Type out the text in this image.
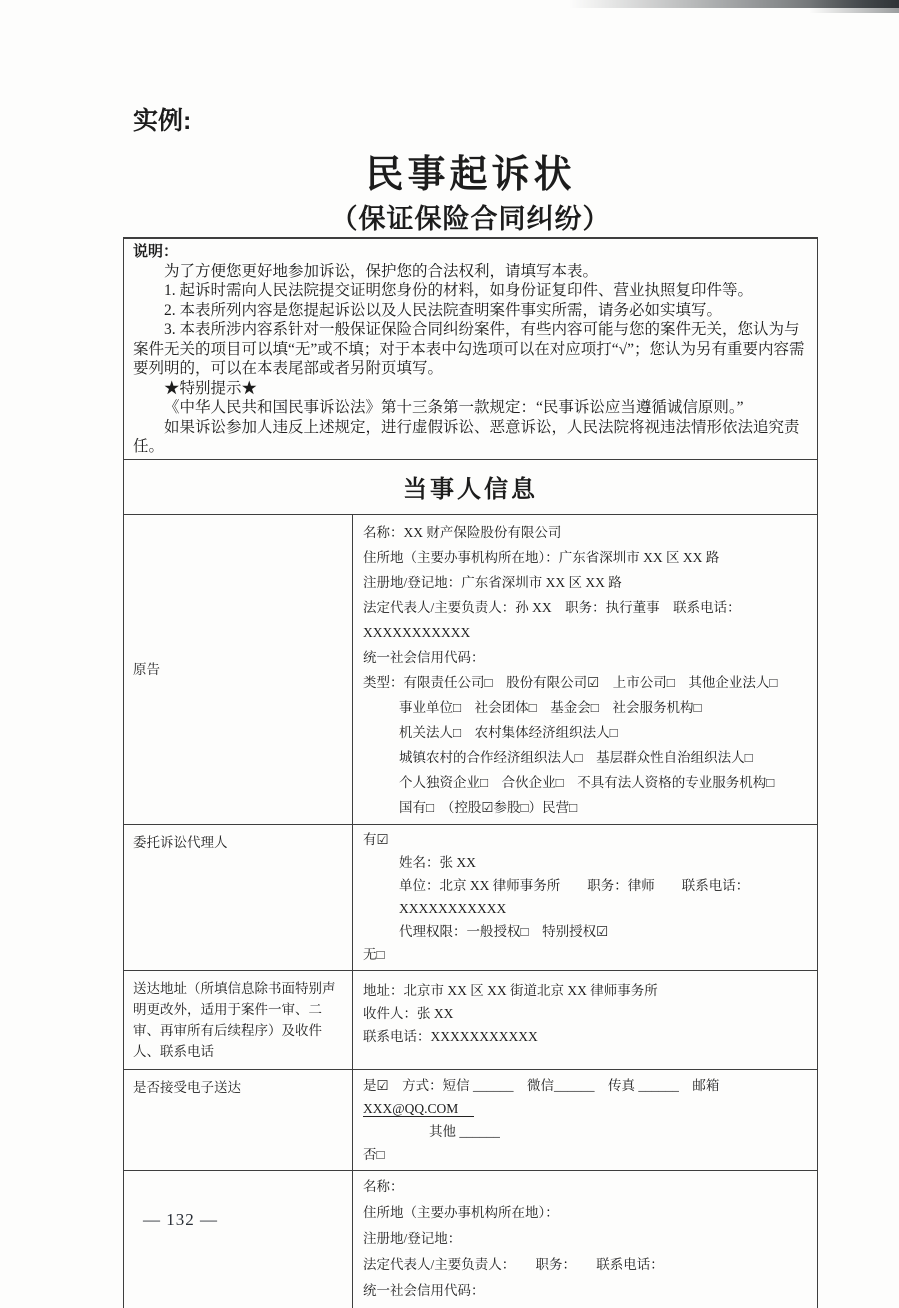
实例:
民事起诉状
（保证保险合同纠纷）
说明：

为了方便您更好地参加诉讼，保护您的合法权利，请填写本表。

1. 起诉时需向人民法院提交证明您身份的材料，如身份证复印件、营业执照复印件等。

2. 本表所列内容是您提起诉讼以及人民法院查明案件事实所需，请务必如实填写。

3. 本表所涉内容系针对一般保证保险合同纠纷案件，有些内容可能与您的案件无关，您认为与案件无关的项目可以填“无”或不填；对于本表中勾选项可以在对应项打“√”；您认为另有重要内容需要列明的，可以在本表尾部或者另附页填写。

★特别提示★

《中华人民共和国民事诉讼法》第十三条第一款规定：“民事诉讼应当遵循诚信原则。”

如果诉讼参加人违反上述规定，进行虚假诉讼、恶意诉讼，人民法院将视违法情形依法追究责任。

当事人信息
原告
名称：XX 财产保险股份有限公司
住所地（主要办事机构所在地）：广东省深圳市 XX 区 XX 路
注册地/登记地：广东省深圳市 XX 区 XX 路
法定代表人/主要负责人：孙 XX　职务：执行董事　联系电话：XXXXXXXXXXX
统一社会信用代码：
类型：有限责任公司□　股份有限公司☑　上市公司□　其他企业法人□
事业单位□　社会团体□　基金会□　社会服务机构□
机关法人□　农村集体经济组织法人□
城镇农村的合作经济组织法人□　基层群众性自治组织法人□
个人独资企业□　合伙企业□　不具有法人资格的专业服务机构□
国有□　（控股☑参股□）民营□
委托诉讼代理人	有☑
姓名：张 XX
单位：北京 XX 律师事务所　　职务：律师　　联系电话：XXXXXXXXXXX
代理权限：一般授权□　特别授权☑
无□
送达地址（所填信息除书面特别声明更改外，适用于案件一审、二审、再审所有后续程序）及收件人、联系电话
地址：北京市 XX 区 XX 街道北京 XX 律师事务所
收件人：张 XX
联系电话：XXXXXXXXXXX
是否接受电子送达	是☑　方式：短信 ______　微信______　传真 ______　邮箱 XXX@QQ.COM
其他 ______
否□
名称：
住所地（主要办事机构所在地）：
注册地/登记地：
法定代表人/主要负责人：　　职务：　　联系电话：
统一社会信用代码：
— 132 —
